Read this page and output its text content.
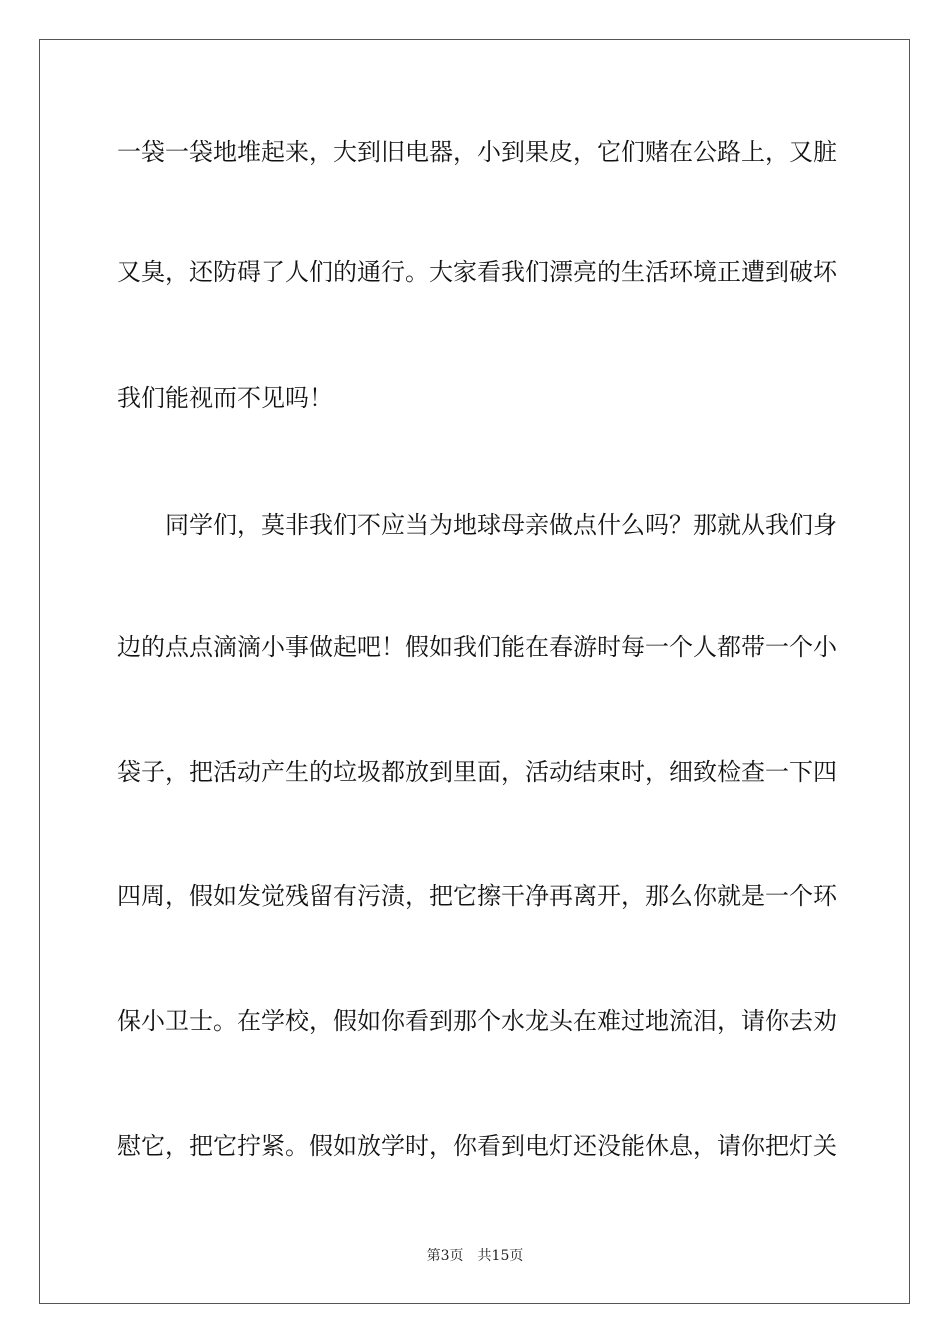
一袋一袋地堆起来，大到旧电器，小到果皮，它们赌在公路上，又脏
又臭，还防碍了人们的通行。大家看我们漂亮的生活环境正遭到破坏
我们能视而不见吗！
同学们，莫非我们不应当为地球母亲做点什么吗？那就从我们身
边的点点滴滴小事做起吧！假如我们能在春游时每一个人都带一个小
袋子，把活动产生的垃圾都放到里面，活动结束时，细致检查一下四
四周，假如发觉残留有污渍，把它擦干净再离开，那么你就是一个环
保小卫士。在学校，假如你看到那个水龙头在难过地流泪，请你去劝
慰它，把它拧紧。假如放学时，你看到电灯还没能休息，请你把灯关
第3页 共15页
